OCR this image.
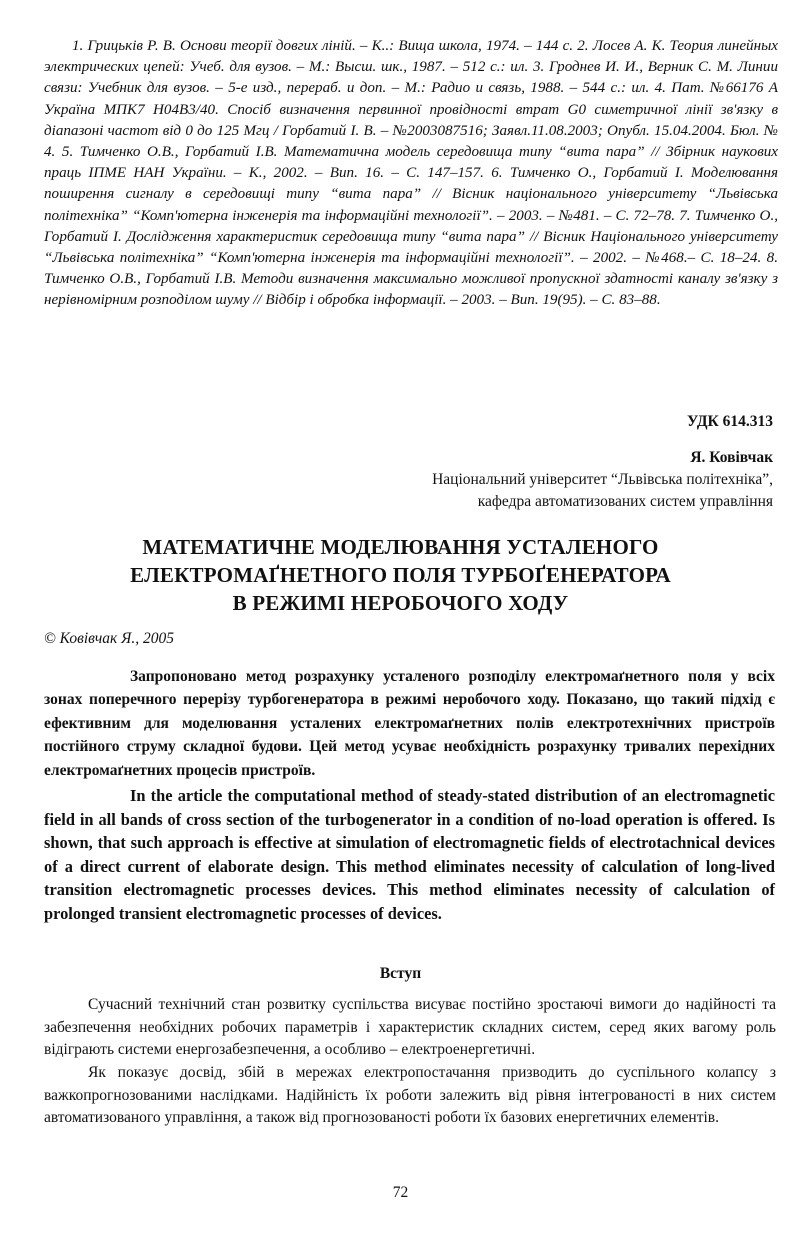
1. Грицьків Р. В. Основи теорії довгих ліній. – К..: Вища школа, 1974. – 144 с. 2. Лосев А. К. Теория линейных электрических цепей: Учеб. для вузов. – М.: Высш. шк., 1987. – 512 с.: ил. 3. Гроднев И. И., Верник С. М. Линии связи: Учебник для вузов. – 5-е изд., перераб. и доп. – М.: Радио и связь, 1988. – 544 с.: ил. 4. Пат. №66176 А Україна МПК7 H04B3/40. Спосіб визначення первинної провідності втрат G0 симетричної лінії зв'язку в діапазоні частот від 0 до 125 Мгц / Горбатий І. В. – №2003087516; Заявл.11.08.2003; Опубл. 15.04.2004. Бюл. № 4. 5. Тимченко О.В., Горбатий І.В. Математична модель середовища типу “вита пара” // Збірник наукових праць ІПМЕ НАН України. – К., 2002. – Вип. 16. – С. 147–157. 6. Тимченко О., Горбатий І. Моделювання поширення сигналу в середовищі типу “вита пара” // Вісник національного університету “Львівська політехніка” “Комп'ютерна інженерія та інформаційні технології”. – 2003. – №481. – С. 72–78. 7. Тимченко О., Горбатий І. Дослідження характеристик середовища типу “вита пара” // Вісник Національного університету “Львівська політехніка” “Комп'ютерна інженерія та інформаційні технології”. – 2002. – №468.– С. 18–24. 8. Тимченко О.В., Горбатий І.В. Методи визначення максимально можливої пропускної здатності каналу зв'язку з нерівномірним розподілом шуму // Відбір і обробка інформації. – 2003. – Вип. 19(95). – С. 83–88.
УДК 614.313
Я. Ковівчак
Національний університет “Львівська політехніка”,
кафедра автоматизованих систем управління
МАТЕМАТИЧНЕ МОДЕЛЮВАННЯ УСТАЛЕНОГО
ЕЛЕКТРОМАҐНЕТНОГО ПОЛЯ ТУРБОҐЕНЕРАТОРА
В РЕЖИМІ НЕРОБОЧОГО ХОДУ
© Ковівчак Я., 2005
Запропоновано метод розрахунку усталеного розподілу електромаґнетного поля у всіх зонах поперечного перерізу турбогенератора в режимі неробочого ходу. Показано, що такий підхід є ефективним для моделювання усталених електромаґнетних полів електротехнічних пристроїв постійного струму складної будови. Цей метод усуває необхідність розрахунку тривалих перехідних електромаґнетних процесів пристроїв.
In the article the computational method of steady-stated distribution of an electromagnetic field in all bands of cross section of the turbogenerator in a condition of no-load operation is offered. Is shown, that such approach is effective at simulation of electromagnetic fields of electrotachnical devices of a direct current of elaborate design. This method eliminates necessity of calculation of long-lived transition electromagnetic processes devices. This method eliminates necessity of calculation of prolonged transient electromagnetic processes of devices.
Вступ

Сучасний технічний стан розвитку суспільства висуває постійно зростаючі вимоги до надійності та забезпечення необхідних робочих параметрів і характеристик складних систем, серед яких вагому роль відіграють системи енергозабезпечення, а особливо – електроенергетичні.

Як показує досвід, збій в мережах електропостачання призводить до суспільного колапсу з важкопрогнозованими наслідками. Надійність їх роботи залежить від рівня інтегрованості в них систем автоматизованого управління, а також від прогнозованості роботи їх базових енергетичних елементів.

72
